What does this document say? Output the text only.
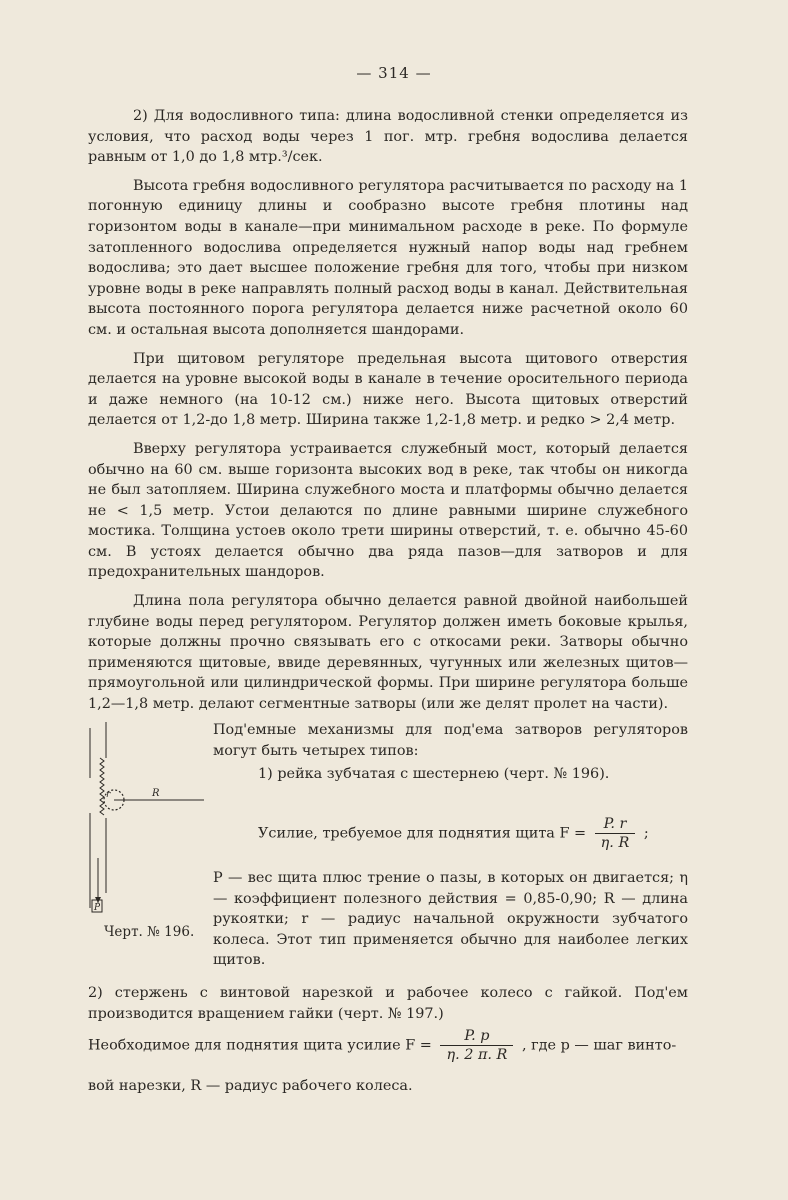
— 314 —

2) Для водосливного типа: длина водосливной стенки определяется из условия, что расход воды через 1 пог. мтр. гребня водослива делается равным от 1,0 до 1,8 мтр.³/сек.

Высота гребня водосливного регулятора расчитывается по расходу на 1 погонную единицу длины и сообразно высоте гребня плотины над горизонтом воды в канале—при минимальном расходе в реке. По формуле затопленного водослива определяется нужный напор воды над гребнем водослива; это дает высшее положение гребня для того, чтобы при низком уровне воды в реке направлять полный расход воды в канал. Действительная высота постоянного порога регулятора делается ниже расчетной около 60 см. и остальная высота дополняется шандорами.

При щитовом регуляторе предельная высота щитового отверстия делается на уровне высокой воды в канале в течение оросительного периода и даже немного (на 10-12 см.) ниже него. Высота щитовых отверстий делается от 1,2-до 1,8 метр. Ширина также 1,2-1,8 метр. и редко > 2,4 метр.

Вверху регулятора устраивается служебный мост, который делается обычно на 60 см. выше горизонта высоких вод в реке, так чтобы он никогда не был затопляем. Ширина служебного моста и платформы обычно делается не < 1,5 метр. Устои делаются по длине равными ширине служебного мостика. Толщина устоев около трети ширины отверстий, т. е. обычно 45-60 см. В устоях делается обычно два ряда пазов—для затворов и для предохранительных шандоров.

Длина пола регулятора обычно делается равной двойной наибольшей глубине воды перед регулятором. Регулятор должен иметь боковые крылья, которые должны прочно связывать его с откосами реки. Затворы обычно применяются щитовые, ввиде деревянных, чугунных или железных щитов—прямоугольной или цилиндрической формы. При ширине регулятора больше 1,2—1,8 метр. делают сегментные затворы (или же делят пролет на части).

r	R
P
Под'емные механизмы для под'ема затворов регуляторов могут быть четырех типов:
1) рейка зубчатая с шестернею (черт. № 196).
Усилие, требуемое для поднятия щита $F = \frac{P. r}{\eta. R}$ ;
P — вес щита плюс трение о пазы, в которых он двигается; η — коэффициент полезного действия = 0,85-0,90; R — длина рукоятки; r — радиус начальной окружности зубчатого колеса. Этот тип применяется обычно для наиболее легких щитов.
Черт. № 196.
2) стержень с винтовой нарезкой и рабочее колесо с гайкой. Под'ем производится вращением гайки (черт. № 197.)
Необходимое для поднятия щита усилие $F = \frac{P. p}{\eta. 2 \pi. R}$ , где p — шаг винто-
вой нарезки, R — радиус рабочего колеса.
